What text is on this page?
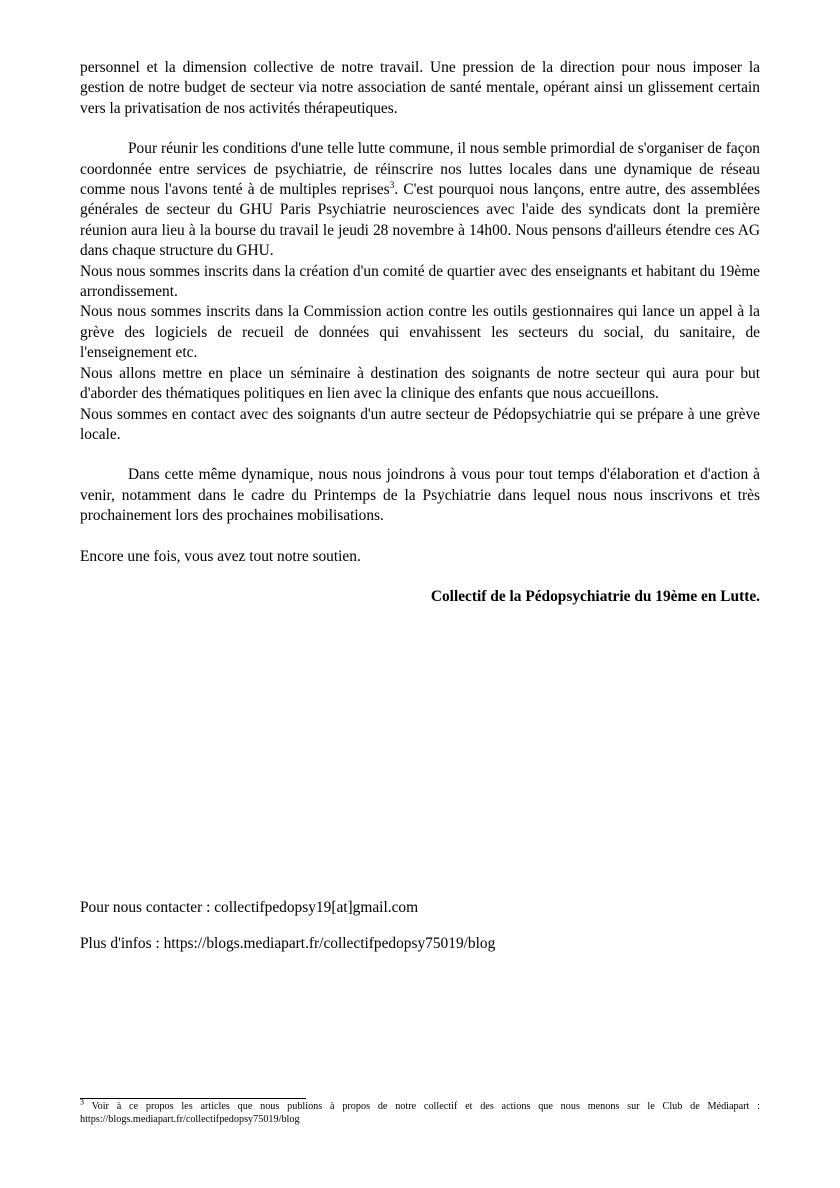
personnel et la dimension collective de notre travail. Une pression de la direction pour nous imposer la gestion de notre budget de secteur via notre association de santé mentale, opérant ainsi un glissement certain vers la privatisation de nos activités thérapeutiques.

Pour réunir les conditions d'une telle lutte commune, il nous semble primordial de s'organiser de façon coordonnée entre services de psychiatrie, de réinscrire nos luttes locales dans une dynamique de réseau comme nous l'avons tenté à de multiples reprises$^3$. C'est pourquoi nous lançons, entre autre, des assemblées générales de secteur du GHU Paris Psychiatrie neurosciences avec l'aide des syndicats dont la première réunion aura lieu à la bourse du travail le jeudi 28 novembre à 14h00. Nous pensons d'ailleurs étendre ces AG dans chaque structure du GHU.

Nous nous sommes inscrits dans la création d'un comité de quartier avec des enseignants et habitant du 19ème arrondissement.

Nous nous sommes inscrits dans la Commission action contre les outils gestionnaires qui lance un appel à la grève des logiciels de recueil de données qui envahissent les secteurs du social, du sanitaire, de l'enseignement etc.

Nous allons mettre en place un séminaire à destination des soignants de notre secteur qui aura pour but d'aborder des thématiques politiques en lien avec la clinique des enfants que nous accueillons.

Nous sommes en contact avec des soignants d'un autre secteur de Pédopsychiatrie qui se prépare à une grève locale.

Dans cette même dynamique, nous nous joindrons à vous pour tout temps d'élaboration et d'action à venir, notamment dans le cadre du Printemps de la Psychiatrie dans lequel nous nous inscrivons et très prochainement lors des prochaines mobilisations.

Encore une fois, vous avez tout notre soutien.

Collectif de la Pédopsychiatrie du 19ème en Lutte.

Pour nous contacter : collectifpedopsy19[at]gmail.com

Plus d'infos : https://blogs.mediapart.fr/collectifpedopsy75019/blog

$^3$ Voir à ce propos les articles que nous publions à propos de notre collectif et des actions que nous menons sur le Club de Médiapart : https://blogs.mediapart.fr/collectifpedopsy75019/blog
